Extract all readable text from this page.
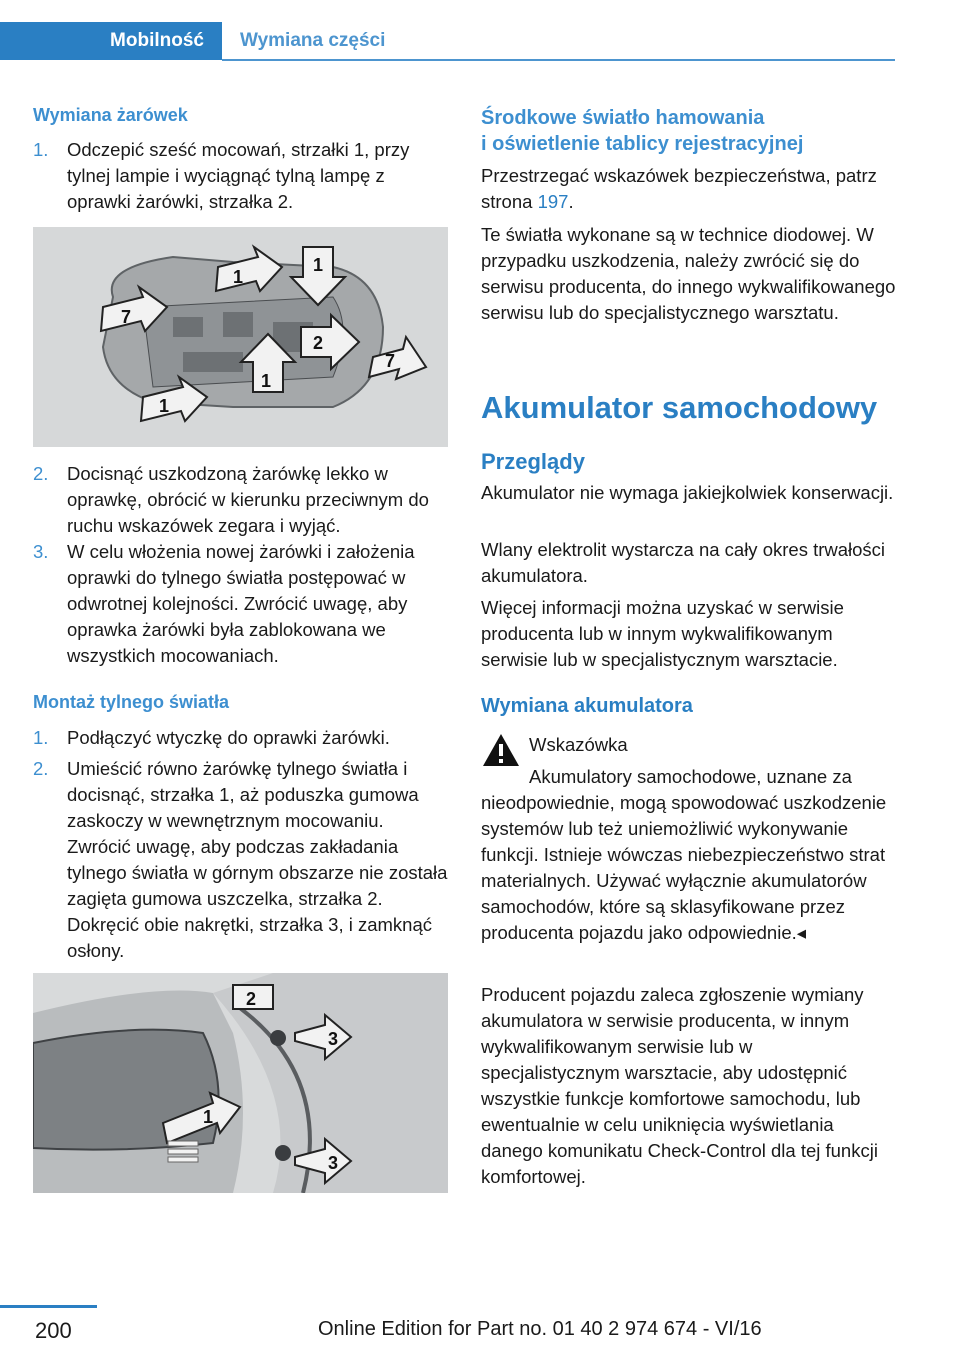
Mobilność	Wymiana części
Wymiana żarówek
1. Odczepić sześć mocowań, strzałki 1, przy tylnej lampie i wyciągnąć tylną lampę z oprawki żarówki, strzałka 2.
1
1
7
2
7
1
1
2. Docisnąć uszkodzoną żarówkę lekko w oprawkę, obrócić w kierunku przeciwnym do ruchu wskazówek zegara i wyjąć.
3. W celu włożenia nowej żarówki i założenia oprawki do tylnego światła postępować w odwrotnej kolejności. Zwrócić uwagę, aby oprawka żarówki była zablokowana we wszystkich mocowaniach.
Montaż tylnego światła
1. Podłączyć wtyczkę do oprawki żarówki.
2. Umieścić równo żarówkę tylnego światła i docisnąć, strzałka 1, aż poduszka gumowa zaskoczy w wewnętrznym mocowaniu. Zwrócić uwagę, aby podczas zakładania tylnego światła w górnym obszarze nie została zagięta gumowa uszczelka, strzałka 2. Dokręcić obie nakrętki, strzałka 3, i zamknąć osłony.
2
3
1
3
Środkowe światło hamowania
i oświetlenie tablicy rejestracyjnej

Przestrzegać wskazówek bezpieczeństwa, patrz strona 197.

Te światła wykonane są w technice diodowej. W przypadku uszkodzenia, należy zwrócić się do serwisu producenta, do innego wykwalifikowanego serwisu lub do specjalistycznego warsztatu.

Akumulator samochodowy
Przeglądy

Akumulator nie wymaga jakiejkolwiek konserwacji.

Wlany elektrolit wystarcza na cały okres trwałości akumulatora.

Więcej informacji można uzyskać w serwisie producenta lub w innym wykwalifikowanym serwisie lub w specjalistycznym warsztacie.

Wymiana akumulatora
Wskazówka
Akumulatory samochodowe, uznane za
nieodpowiednie, mogą spowodować uszkodzenie systemów lub też uniemożliwić wykonywanie funkcji. Istnieje wówczas niebezpieczeństwo strat materialnych. Używać wyłącznie akumulatorów samochodów, które są sklasyfikowane przez producenta pojazdu jako odpowiednie.◂

Producent pojazdu zaleca zgłoszenie wymiany akumulatora w serwisie producenta, w innym wykwalifikowanym serwisie lub w specjalistycznym warsztacie, aby udostępnić wszystkie funkcje komfortowe samochodu, lub ewentualnie w celu uniknięcia wyświetlania danego komunikatu Check-Control dla tej funkcji komfortowej.

200	Online Edition for Part no. 01 40 2 974 674 - VI/16
